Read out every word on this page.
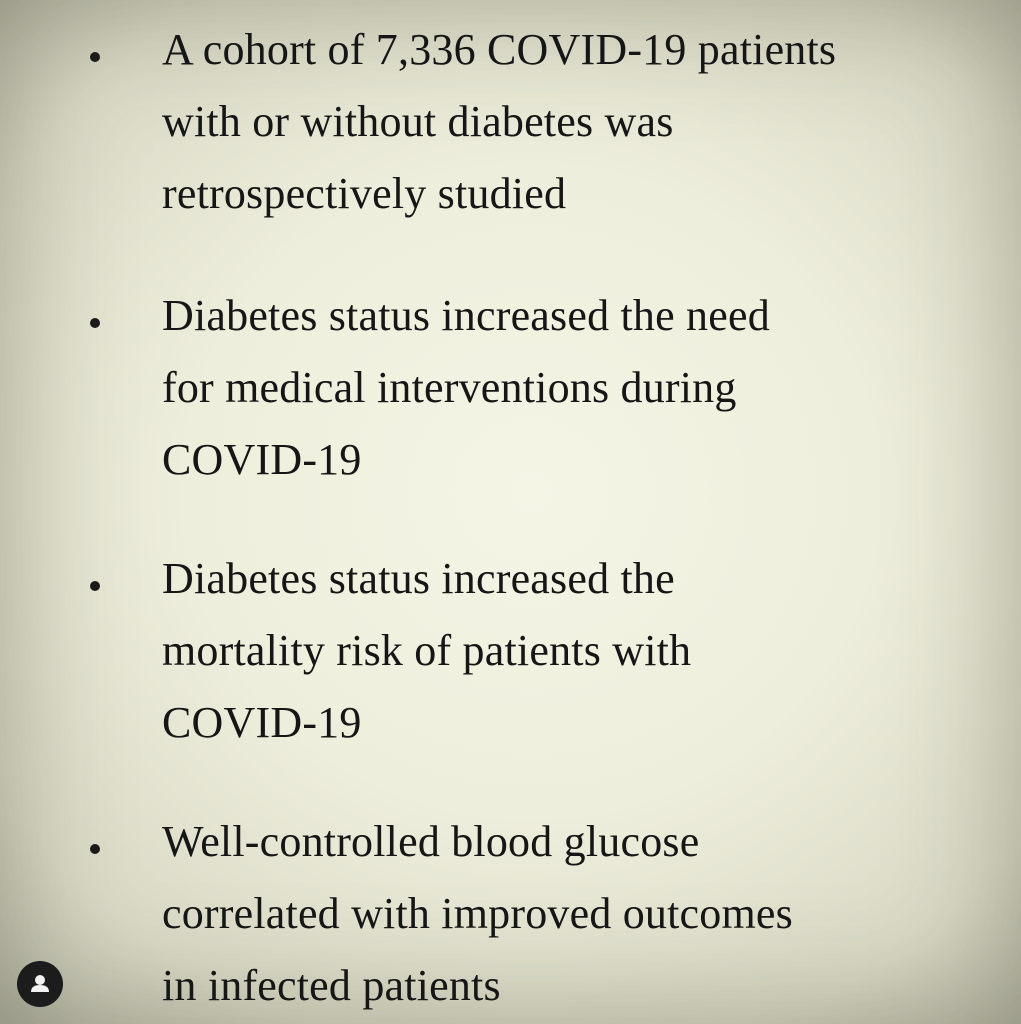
A cohort of 7,336 COVID-19 patients
with or without diabetes was
retrospectively studied

Diabetes status increased the need
for medical interventions during
COVID-19

Diabetes status increased the
mortality risk of patients with
COVID-19

Well-controlled blood glucose
correlated with improved outcomes
in infected patients
